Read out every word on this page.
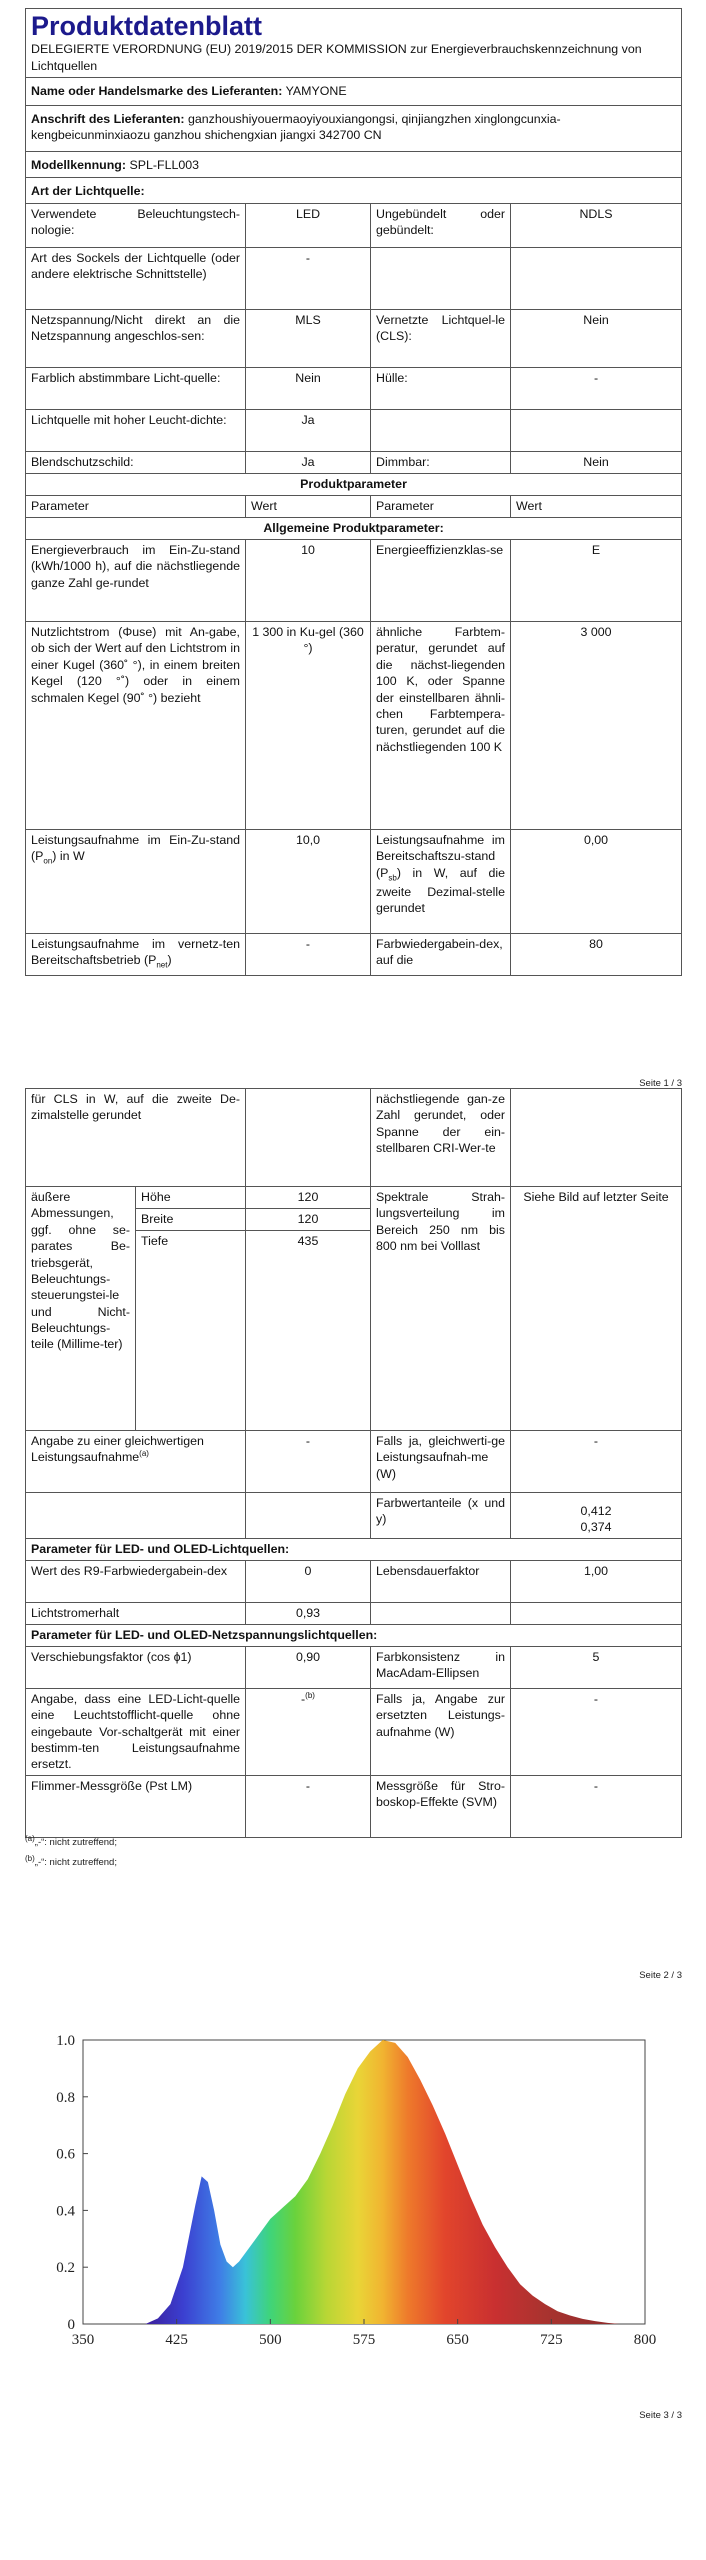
Produktdatenblatt
DELEGIERTE VERORDNUNG (EU) 2019/2015 DER KOMMISSION zur Energieverbrauchskennzeichnung von Lichtquellen			

Name oder Handelsmarke des Lieferanten: YAMYONE			
Anschrift des Lieferanten: ganzhoushiyouermaoyiyouxiangongsi, qinjiangzhen xinglongcunxia-kengbeicunminxiaozu ganzhou shichengxian jiangxi 342700 CN			
Modellkennung: SPL-FLL003			
Art der Lichtquelle:			
Verwendete Beleuchtungstech-nologie:	LED	Ungebündelt oder gebündelt:	NDLS
Art des Sockels der Lichtquelle (oder andere elektrische Schnittstelle)	-		
Netzspannung/Nicht direkt an die Netzspannung angeschlos-sen:	MLS	Vernetzte Lichtquel-le (CLS):	Nein
Farblich abstimmbare Licht-quelle:	Nein	Hülle:	-
Lichtquelle mit hoher Leucht-dichte:	Ja		
Blendschutzschild:	Ja	Dimmbar:	Nein
Produktparameter			
Parameter	Wert	Parameter	Wert
Allgemeine Produktparameter:			
Energieverbrauch im Ein-Zu-stand (kWh/1000 h), auf die nächstliegende ganze Zahl ge-rundet	10	Energieeffizienzklas-se	E
Nutzlichtstrom (Φuse) mit An-gabe, ob sich der Wert auf den Lichtstrom in einer Kugel (360˚ °), in einem breiten Kegel (120 °˚) oder in einem schmalen Kegel (90˚ °) bezieht	1 300 in Ku-gel (360 °)	ähnliche Farbtem-peratur, gerundet auf die nächst-liegenden 100 K, oder Spanne der einstellbaren ähnli-chen Farbtempera-turen, gerundet auf die nächstliegenden 100 K	3 000
Leistungsaufnahme im Ein-Zu-stand $(P_{on})$ in W	10,0	Leistungsaufnahme im Bereitschaftszu-stand $(P_{sb})$ in W, auf die zweite Dezimal-stelle gerundet	0,00
Leistungsaufnahme im vernetz-ten Bereitschaftsbetrieb $(P_{net})$	-	Farbwiedergabein-dex, auf die	80
Seite 1 / 3
für CLS in W, auf die zweite De-zimalstelle gerundet			nächstliegende gan-ze Zahl gerundet, oder Spanne der ein-stellbaren CRI-Wer-te	
äußere Abmessungen, ggf. ohne se-parates Be-triebsgerät, Beleuchtungs-steuerungstei-le und Nicht-Beleuchtungs-teile (Millime-ter)	Höhe	120	Spektrale Strah-lungsverteilung im Bereich 250 nm bis 800 nm bei Volllast	Siehe Bild auf letzter Seite
	Breite	120		
	Tiefe	435		
Angabe zu einer gleichwertigen Leistungsaufnahme$^{(a)}$		-	Falls ja, gleichwerti-ge Leistungsaufnah-me (W)	-
			Farbwertanteile (x und y)	0,412
0,374

Parameter für LED- und OLED-Lichtquellen:				
Wert des R9-Farbwiedergabein-dex		0	Lebensdauerfaktor	1,00
Lichtstromerhalt		0,93		
Parameter für LED- und OLED-Netzspannungslichtquellen:				
Verschiebungsfaktor (cos ϕ1)		0,90	Farbkonsistenz in MacAdam-Ellipsen	5
Angabe, dass eine LED-Licht-quelle eine Leuchtstofflicht-quelle ohne eingebaute Vor-schaltgerät mit einer bestimm-ten Leistungsaufnahme ersetzt.		-$^{(b)}$	Falls ja, Angabe zur ersetzten Leistungs-aufnahme (W)	-
Flimmer-Messgröße (Pst LM)		-	Messgröße für Stro-boskop-Effekte (SVM)	-
$^{(a)}$„-“: nicht zutreffend;
$^{(b)}$„-“: nicht zutreffend;
Seite 2 / 3
350	425	500	575	650	725	800
0
0.2
0.4
0.6
0.8
1.0
Seite 3 / 3
